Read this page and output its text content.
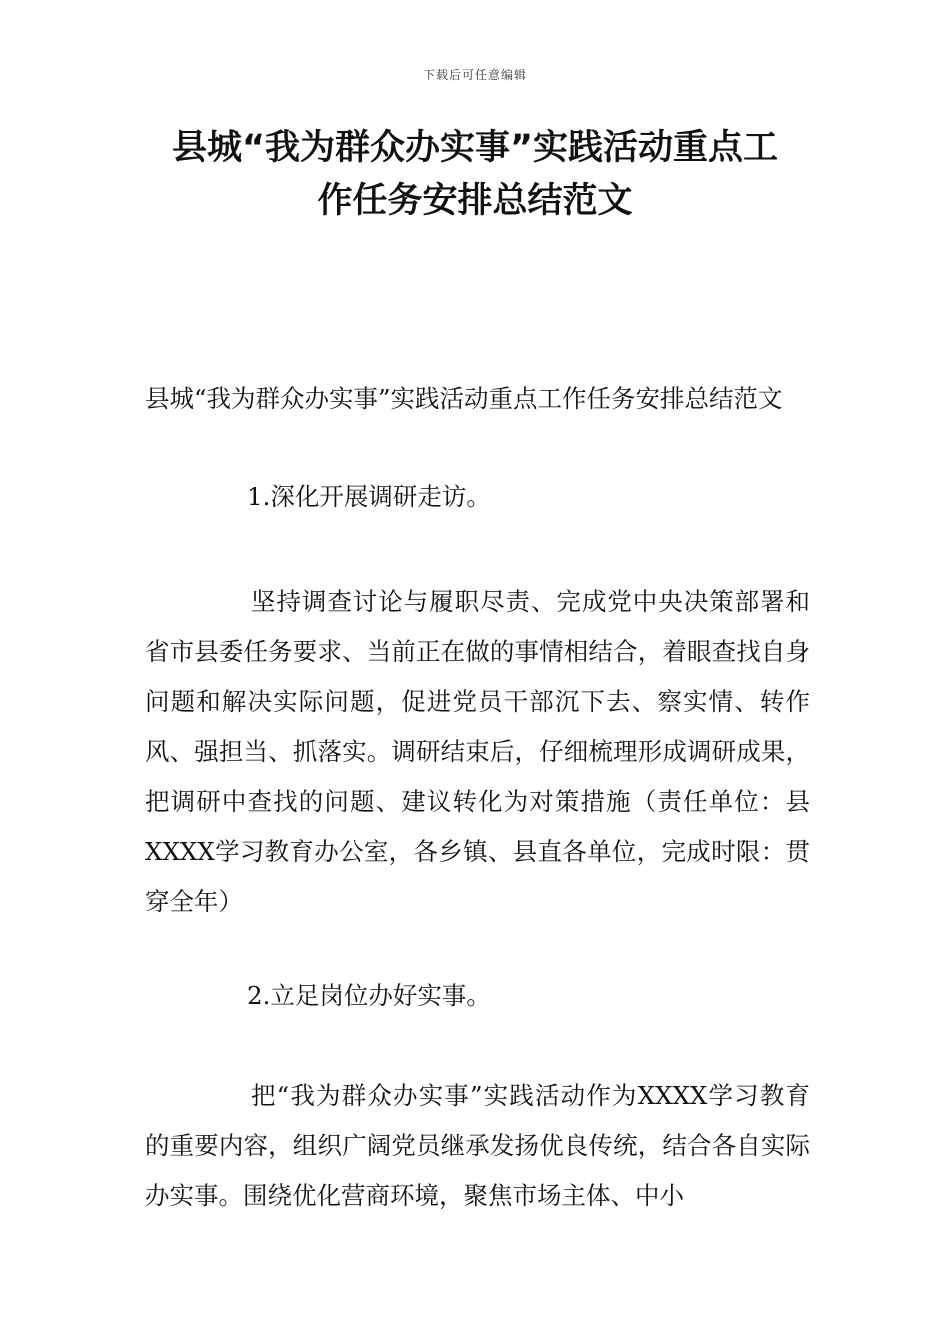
下载后可任意编辑
县城“我为群众办实事”实践活动重点工
作任务安排总结范文

县城“我为群众办实事”实践活动重点工作任务安排总结范文

1.深化开展调研走访。

坚持调查讨论与履职尽责、完成党中央决策部署和省市县委任务要求、当前正在做的事情相结合，着眼查找自身问题和解决实际问题，促进党员干部沉下去、察实情、转作风、强担当、抓落实。调研结束后，仔细梳理形成调研成果，把调研中查找的问题、建议转化为对策措施（责任单位：县XXXX学习教育办公室，各乡镇、县直各单位，完成时限：贯穿全年）

2.立足岗位办好实事。

把“我为群众办实事”实践活动作为XXXX学习教育的重要内容，组织广阔党员继承发扬优良传统，结合各自实际办实事。围绕优化营商环境，聚焦市场主体、中小
